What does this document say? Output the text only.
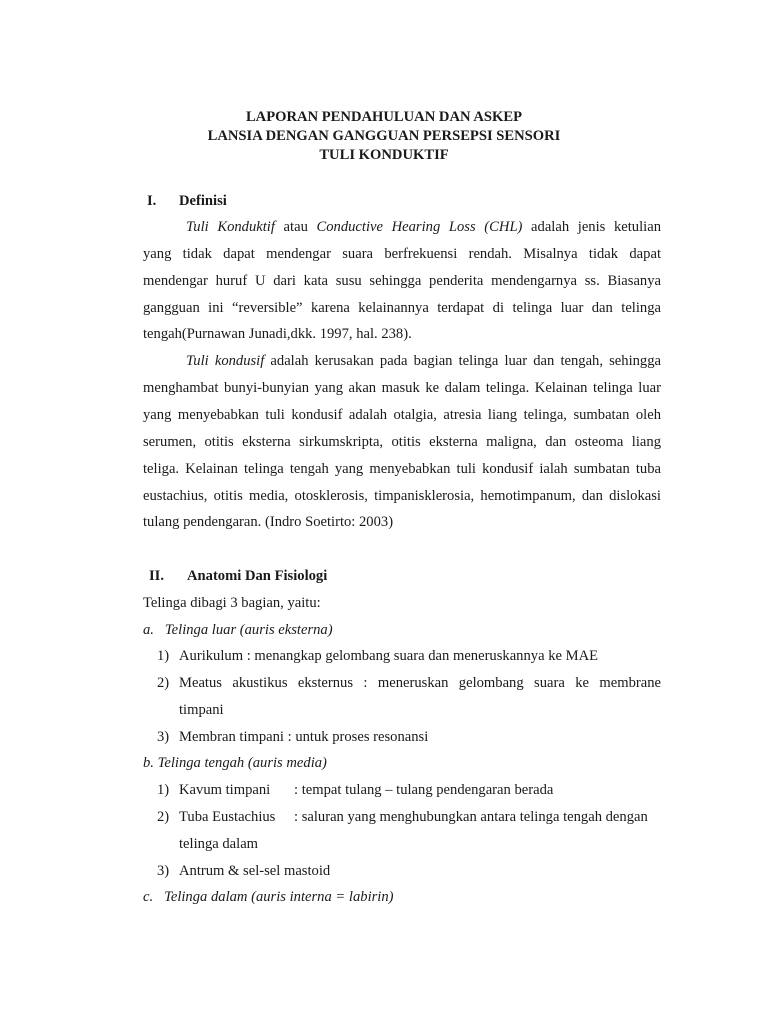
LAPORAN PENDAHULUAN DAN ASKEP
LANSIA DENGAN GANGGUAN PERSEPSI SENSORI
TULI KONDUKTIF
I. Definisi
Tuli Konduktif atau Conductive Hearing Loss (CHL) adalah jenis ketulian
yang tidak dapat mendengar suara berfrekuensi rendah. Misalnya tidak dapat
mendengar huruf U dari kata susu sehingga penderita mendengarnya ss. Biasanya
gangguan ini “reversible” karena kelainannya terdapat di telinga luar dan telinga
tengah(Purnawan Junadi,dkk. 1997, hal. 238).
Tuli kondusif adalah kerusakan pada bagian telinga luar dan tengah, sehingga
menghambat bunyi-bunyian yang akan masuk ke dalam telinga. Kelainan telinga luar
yang menyebabkan tuli kondusif adalah otalgia, atresia liang telinga, sumbatan oleh
serumen, otitis eksterna sirkumskripta, otitis eksterna maligna, dan osteoma liang
teliga. Kelainan telinga tengah yang menyebabkan tuli kondusif ialah sumbatan tuba
eustachius, otitis media, otosklerosis, timpanisklerosia, hemotimpanum, dan dislokasi
tulang pendengaran. (Indro Soetirto: 2003)
II. Anatomi Dan Fisiologi
Telinga dibagi 3 bagian, yaitu:
a.   Telinga luar (auris eksterna)
1) Aurikulum : menangkap gelombang suara dan meneruskannya ke MAE
2) Meatus akustikus eksternus : meneruskan gelombang suara ke membrane
timpani
3) Membran timpani : untuk proses resonansi
b. Telinga tengah (auris media)
1) Kavum timpani	: tempat tulang – tulang pendengaran berada
2) Tuba Eustachius	: saluran yang menghubungkan antara telinga tengah dengan
telinga dalam
3) Antrum & sel-sel mastoid
c.   Telinga dalam (auris interna = labirin)
